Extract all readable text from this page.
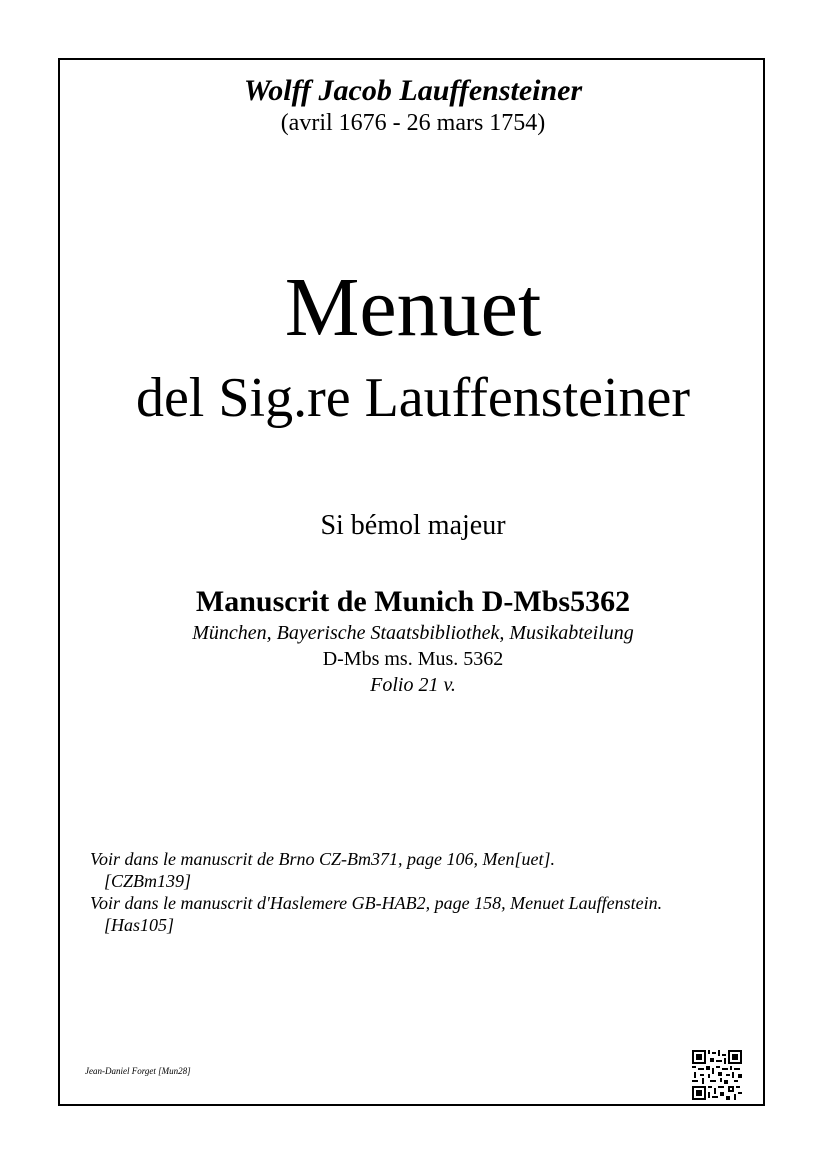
Wolff Jacob Lauffensteiner
(avril 1676 - 26 mars 1754)
Menuet
del Sig.re Lauffensteiner
Si bémol majeur
Manuscrit de Munich D-Mbs5362
München, Bayerische Staatsbibliothek, Musikabteilung
D-Mbs ms. Mus. 5362
Folio 21 v.
Voir dans le manuscrit de Brno CZ-Bm371, page 106, Men[uet].
[CZBm139]
Voir dans le manuscrit d'Haslemere GB-HAB2, page 158, Menuet Lauffenstein.
[Has105]
Jean-Daniel Forget [Mun28]
